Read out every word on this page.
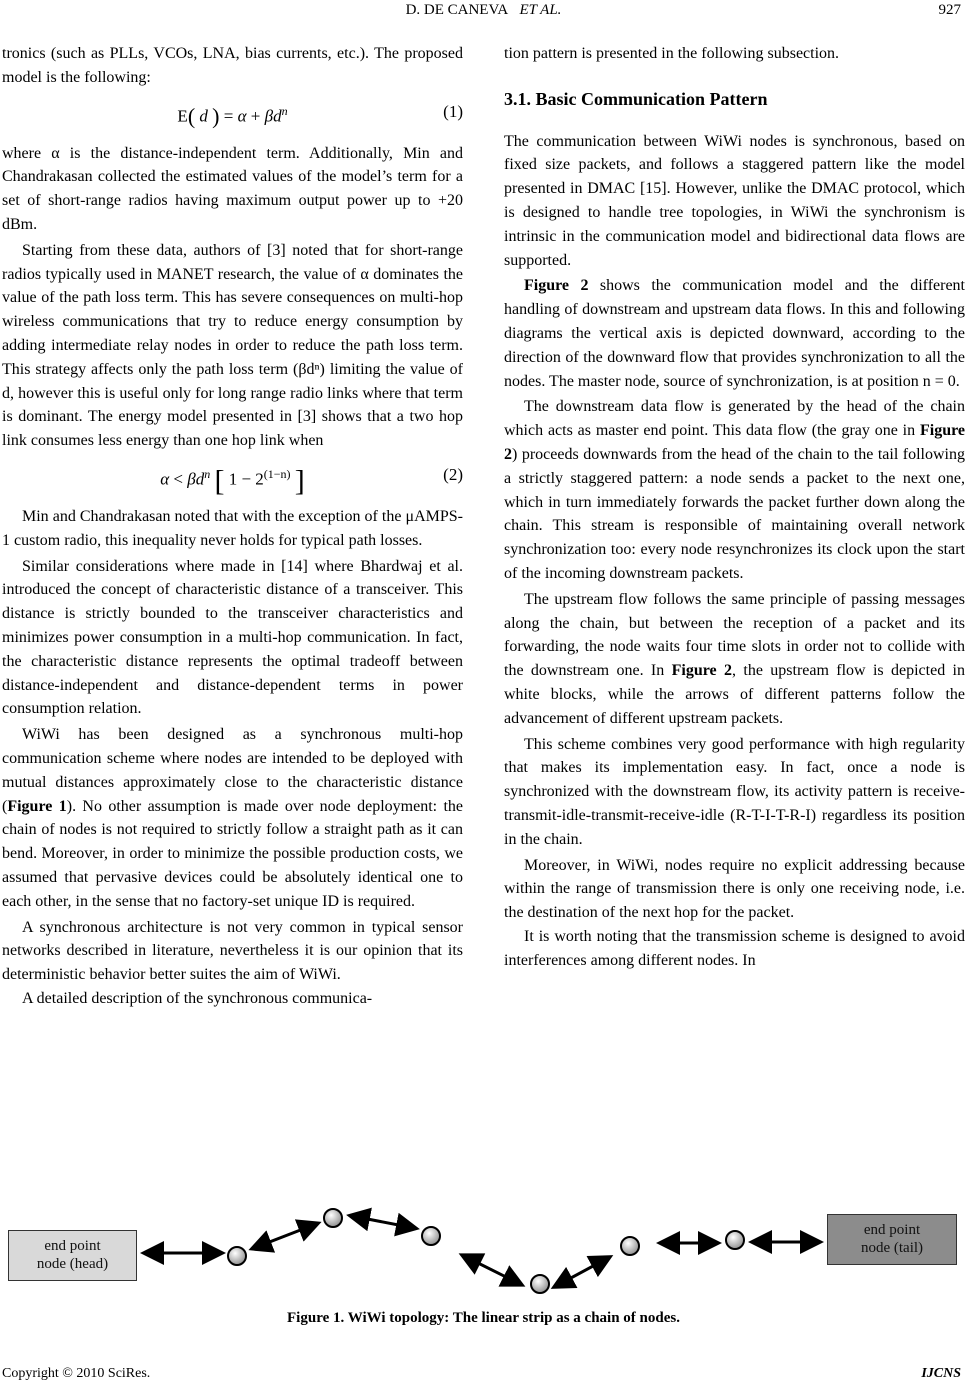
D. DE CANEVA ET AL.	927

tronics (such as PLLs, VCOs, LNA, bias currents, etc.). The proposed model is the following:

E( d ) = $\alpha + \beta d^n$	(1)

where α is the distance-independent term. Additionally, Min and Chandrakasan collected the estimated values of the model’s term for a set of short-range radios having maximum output power up to +20 dBm.

Starting from these data, authors of [3] noted that for short-range radios typically used in MANET research, the value of α dominates the value of the path loss term. This has severe consequences on multi-hop wireless communications that try to reduce energy consumption by adding intermediate relay nodes in order to reduce the path loss term. This strategy affects only the path loss term (βdⁿ) limiting the value of d, however this is useful only for long range radio links where that term is dominant. The energy model presented in [3] shows that a two hop link consumes less energy than one hop link when

$\alpha < \beta d^n$ [ $1 - 2^{(1-n)}$ ]	(2)

Min and Chandrakasan noted that with the exception of the μAMPS-1 custom radio, this inequality never holds for typical path losses.

Similar considerations where made in [14] where Bhardwaj et al. introduced the concept of characteristic distance of a transceiver. This distance is strictly bounded to the transceiver characteristics and minimizes power consumption in a multi-hop communication. In fact, the characteristic distance represents the optimal tradeoff between distance-independent and distance-dependent terms in power consumption relation.

WiWi has been designed as a synchronous multi-hop communication scheme where nodes are intended to be deployed with mutual distances approximately close to the characteristic distance (Figure 1). No other assumption is made over node deployment: the chain of nodes is not required to strictly follow a straight path as it can bend. Moreover, in order to minimize the possible production costs, we assumed that pervasive devices could be absolutely identical one to each other, in the sense that no factory-set unique ID is required.

A synchronous architecture is not very common in typical sensor networks described in literature, nevertheless it is our opinion that its deterministic behavior better suites the aim of WiWi.

A detailed description of the synchronous communica-

tion pattern is presented in the following subsection.

3.1. Basic Communication Pattern

The communication between WiWi nodes is synchronous, based on fixed size packets, and follows a staggered pattern like the model presented in DMAC [15]. However, unlike the DMAC protocol, which is designed to handle tree topologies, in WiWi the synchronism is intrinsic in the communication model and bidirectional data flows are supported.

Figure 2 shows the communication model and the different handling of downstream and upstream data flows. In this and following diagrams the vertical axis is depicted downward, according to the direction of the downward flow that provides synchronization to all the nodes. The master node, source of synchronization, is at position n = 0.

The downstream data flow is generated by the head of the chain which acts as master end point. This data flow (the gray one in Figure 2) proceeds downwards from the head of the chain to the tail following a strictly staggered pattern: a node sends a packet to the next one, which in turn immediately forwards the packet further down along the chain. This stream is responsible of maintaining overall network synchronization too: every node resynchronizes its clock upon the start of the incoming downstream packets.

The upstream flow follows the same principle of passing messages along the chain, but between the reception of a packet and its forwarding, the node waits four time slots in order not to collide with the downstream one. In Figure 2, the upstream flow is depicted in white blocks, while the arrows of different patterns follow the advancement of different upstream packets.

This scheme combines very good performance with high regularity that makes its implementation easy. In fact, once a node is synchronized with the downstream flow, its activity pattern is receive-transmit-idle-transmit-receive-idle (R-T-I-T-R-I) regardless its position in the chain.

Moreover, in WiWi, nodes require no explicit addressing because within the range of transmission there is only one receiving node, i.e. the destination of the next hop for the packet.

It is worth noting that the transmission scheme is designed to avoid interferences among different nodes. In

end point
node (head)
end point
node (tail)
Figure 1. WiWi topology: The linear strip as a chain of nodes.
Copyright © 2010 SciRes.	IJCNS
